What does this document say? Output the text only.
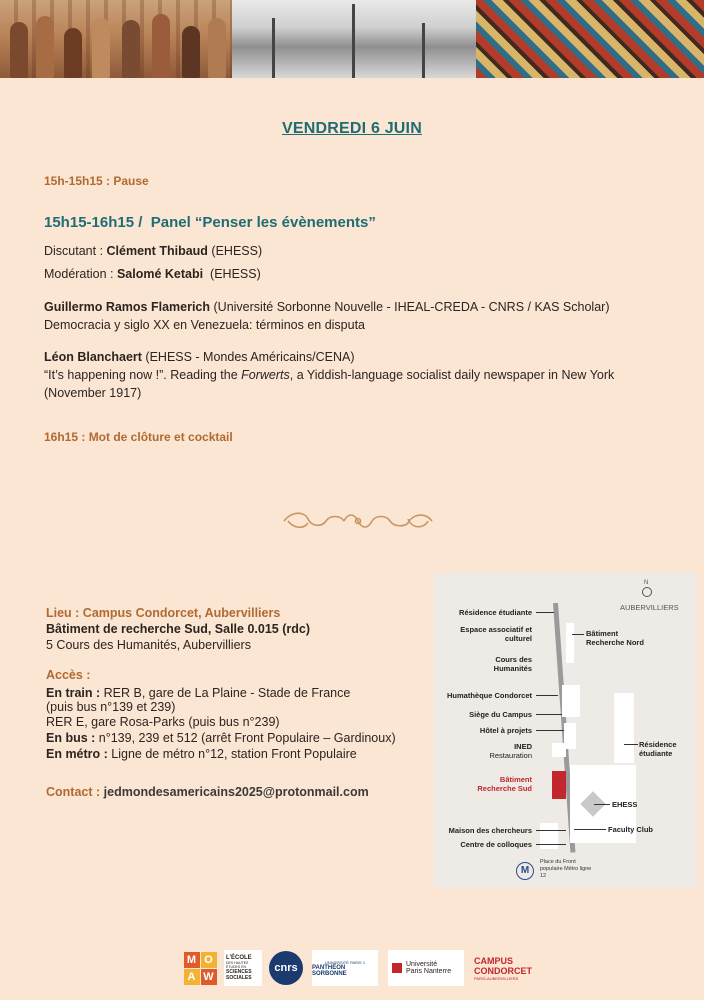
VENDREDI 6 JUIN
15h-15h15 : Pause
15h15-16h15 /  Panel “Penser les évènements”
Discutant : Clément Thibaud (EHESS)
Modération : Salomé Ketabi  (EHESS)
Guillermo Ramos Flamerich (Université Sorbonne Nouvelle - IHEAL-CREDA - CNRS / KAS Scholar)
Democracia y siglo XX en Venezuela: términos en disputa
Léon Blanchaert (EHESS - Mondes Américains/CENA)
“It’s happening now !”. Reading the Forwerts, a Yiddish-language socialist daily newspaper in New York
(November 1917)
16h15 : Mot de clôture et cocktail
Lieu : Campus Condorcet, Aubervilliers
Bâtiment de recherche Sud, Salle 0.015 (rdc)
5 Cours des Humanités, Aubervilliers
Accès :
En train : RER B, gare de La Plaine - Stade de France
(puis bus n°139 et 239)
RER E, gare Rosa-Parks (puis bus n°239)
En bus : n°139, 239 et 512 (arrêt Front Populaire – Gardinoux)
En métro : Ligne de métro n°12, station Front Populaire
Contact : jedmondesamericains2025@protonmail.com
N
AUBERVILLIERS
Résidence étudiante
Espace associatif et culturel
Cours des Humanités
Humathèque Condorcet
Siège du Campus
Hôtel à projets
INED
Restauration
Bâtiment Recherche Sud
Maison des chercheurs
Centre de colloques
Bâtiment Recherche Nord
Résidence étudiante
EHESS
Faculty Club
M
Place du Front populaire Métro ligne 12
M O
A W
L’ÉCOLE
DES HAUTES ÉTUDES EN
SCIENCES SOCIALES
cnrs	UNIVERSITÉ PARIS 1
PANTHÉON SORBONNE
Université
Paris Nanterre
CAMPUS
CONDORCET
PARIS-AUBERVILLIERS
